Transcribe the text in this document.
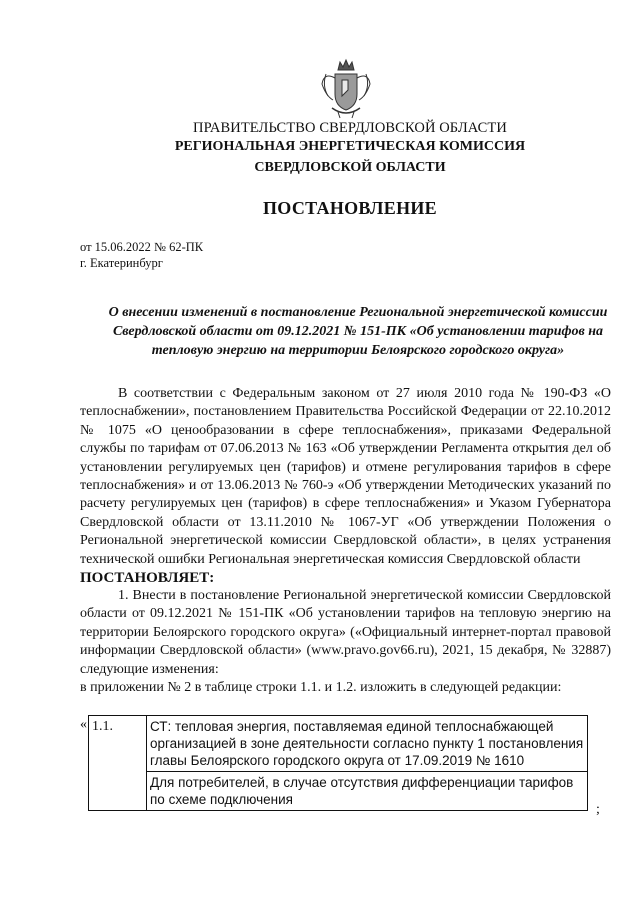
ПРАВИТЕЛЬСТВО СВЕРДЛОВСКОЙ ОБЛАСТИ
РЕГИОНАЛЬНАЯ ЭНЕРГЕТИЧЕСКАЯ КОМИССИЯ
СВЕРДЛОВСКОЙ ОБЛАСТИ
ПОСТАНОВЛЕНИЕ
от 15.06.2022 № 62-ПК
г. Екатеринбург
О внесении изменений в постановление Региональной энергетической комиссии Свердловской области от 09.12.2021 № 151-ПК «Об установлении тарифов на тепловую энергию на территории Белоярского городского округа»

В соответствии с Федеральным законом от 27 июля 2010 года № 190-ФЗ «О теплоснабжении», постановлением Правительства Российской Федерации от 22.10.2012 № 1075 «О ценообразовании в сфере теплоснабжения», приказами Федеральной службы по тарифам от 07.06.2013 № 163 «Об утверждении Регламента открытия дел об установлении регулируемых цен (тарифов) и отмене регулирования тарифов в сфере теплоснабжения» и от 13.06.2013 № 760-э «Об утверждении Методических указаний по расчету регулируемых цен (тарифов) в сфере теплоснабжения» и Указом Губернатора Свердловской области от 13.11.2010 № 1067-УГ «Об утверждении Положения о Региональной энергетической комиссии Свердловской области», в целях устранения технической ошибки Региональная энергетическая комиссия Свердловской области

ПОСТАНОВЛЯЕТ:

1. Внести в постановление Региональной энергетической комиссии Свердловской области от 09.12.2021 № 151-ПК «Об установлении тарифов на тепловую энергию на территории Белоярского городского округа» («Официальный интернет-портал правовой информации Свердловской области» (www.pravo.gov66.ru), 2021, 15 декабря, № 32887) следующие изменения:

в приложении № 2 в таблице строки 1.1. и 1.2. изложить в следующей редакции:

« 1.1.	СТ: тепловая энергия, поставляемая единой теплоснабжающей организацией в зоне деятельности согласно пункту 1 постановления главы Белоярского городского округа от 17.09.2019 № 1610
Для потребителей, в случае отсутствия дифференциации тарифов по схеме подключения
;
